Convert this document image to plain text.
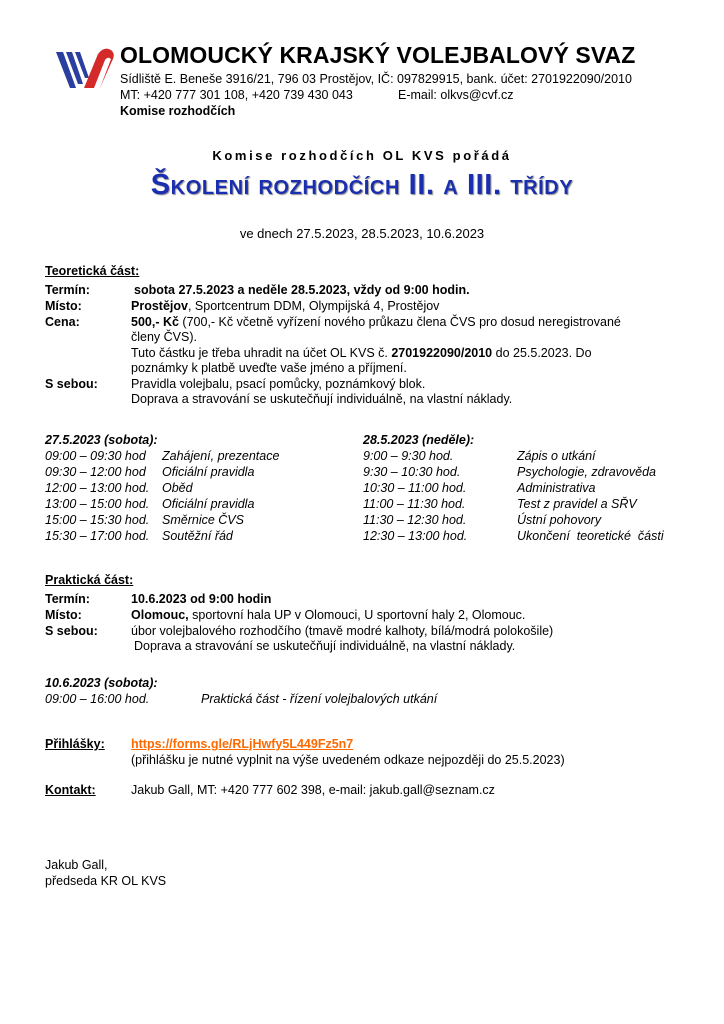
OLOMOUCKÝ KRAJSKÝ VOLEJBALOVÝ SVAZ
Sídliště E. Beneše 3916/21, 796 03 Prostějov, IČ: 097829915, bank. účet: 2701922090/2010
MT: +420 777 301 108, +420 739 430 043	E-mail: olkvs@cvf.cz
Komise rozhodčích
Komise rozhodčích OL KVS pořádá
Školení rozhodčích II. a III. třídy
ve dnech 27.5.2023, 28.5.2023, 10.6.2023
Teoretická část:
Termín:	sobota 27.5.2023 a neděle 28.5.2023, vždy od 9:00 hodin.
Místo:	Prostějov, Sportcentrum DDM, Olympijská 4, Prostějov
Cena:	500,- Kč (700,- Kč včetně vyřízení nového průkazu člena ČVS pro dosud neregistrované
členy ČVS).
Tuto částku je třeba uhradit na účet OL KVS č. 2701922090/2010 do 25.5.2023. Do
poznámky k platbě uveďte vaše jméno a příjmení.
S sebou:	Pravidla volejbalu, psací pomůcky, poznámkový blok.
Doprava a stravování se uskutečňují individuálně, na vlastní náklady.
27.5.2023 (sobota):	28.5.2023 (neděle):
09:00 – 09:30 hod Zahájení, prezentace
09:30 – 12:00 hod Oficiální pravidla
12:00 – 13:00 hod. Oběd
13:00 – 15:00 hod. Oficiální pravidla
15:00 – 15:30 hod. Směrnice ČVS
15:30 – 17:00 hod. Soutěžní řád
9:00 – 9:30 hod.	Zápis o utkání
9:30 – 10:30 hod.	Psychologie, zdravověda
10:30 – 11:00 hod.	Administrativa
11:00 – 11:30 hod.	Test z pravidel a SŘV
11:30 – 12:30 hod.	Ústní pohovory
12:30 – 13:00 hod.	Ukončení  teoretické  části
Praktická část:
Termín:	10.6.2023 od 9:00 hodin
Místo:	Olomouc, sportovní hala UP v Olomouci, U sportovní haly 2, Olomouc.
S sebou:	úbor volejbalového rozhodčího (tmavě modré kalhoty, bílá/modrá polokošile)
Doprava a stravování se uskutečňují individuálně, na vlastní náklady.
10.6.2023 (sobota):
09:00 – 16:00 hod.	Praktická část - řízení volejbalových utkání
Přihlášky: https://forms.gle/RLjHwfy5L449Fz5n7
(přihlášku je nutné vyplnit na výše uvedeném odkaze nejpozději do 25.5.2023)
Kontakt:	Jakub Gall, MT: +420 777 602 398, e-mail: jakub.gall@seznam.cz
Jakub Gall,
předseda KR OL KVS
